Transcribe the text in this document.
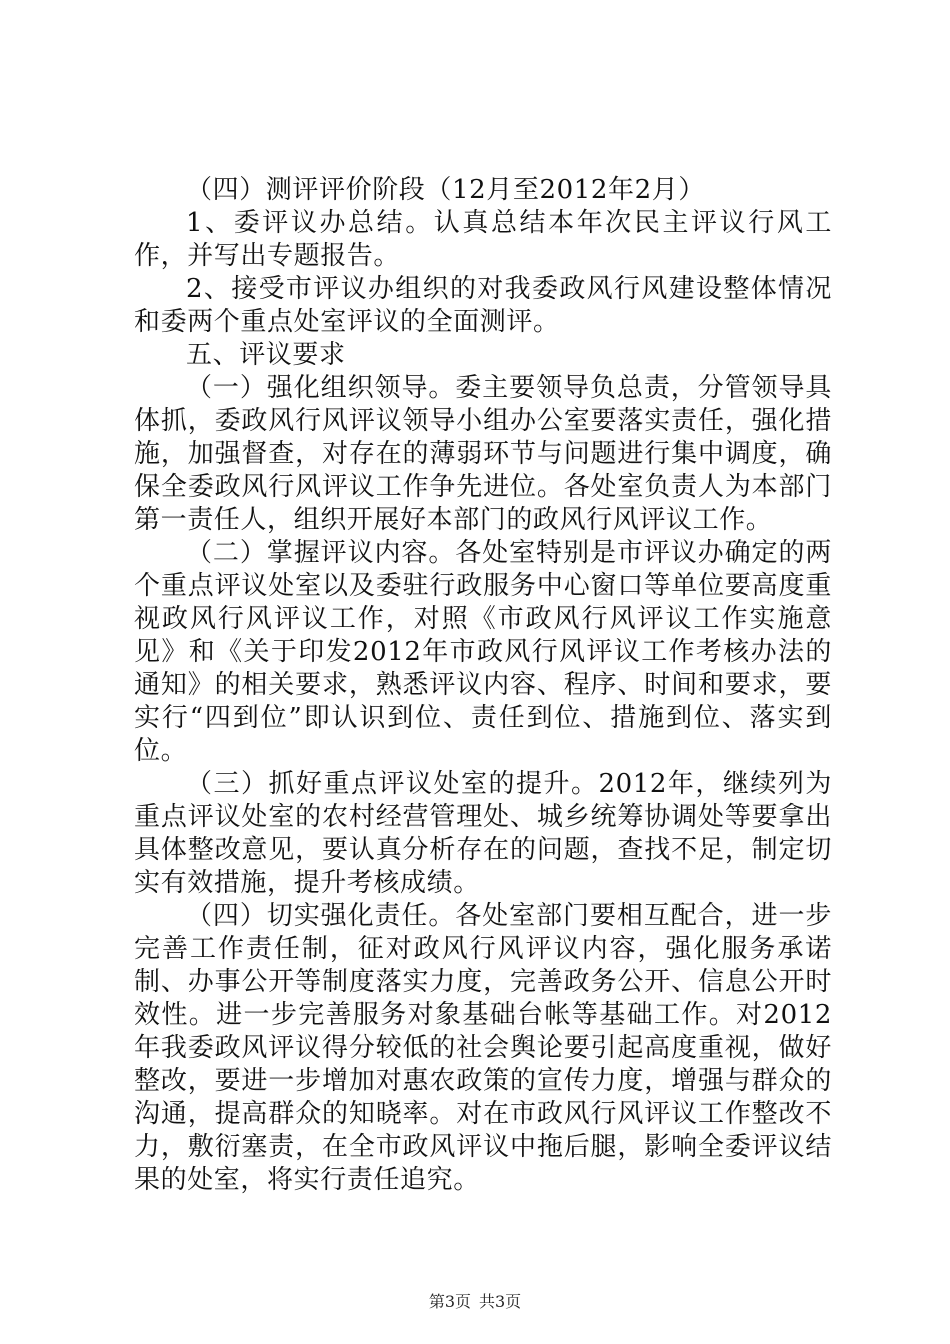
（四）测评评价阶段（12月至2012年2月）

1、委评议办总结。认真总结本年次民主评议行风工作，并写出专题报告。

2、接受市评议办组织的对我委政风行风建设整体情况和委两个重点处室评议的全面测评。

五、评议要求

（一）强化组织领导。委主要领导负总责，分管领导具体抓，委政风行风评议领导小组办公室要落实责任，强化措施，加强督查，对存在的薄弱环节与问题进行集中调度，确保全委政风行风评议工作争先进位。各处室负责人为本部门第一责任人，组织开展好本部门的政风行风评议工作。

（二）掌握评议内容。各处室特别是市评议办确定的两个重点评议处室以及委驻行政服务中心窗口等单位要高度重视政风行风评议工作，对照《市政风行风评议工作实施意见》和《关于印发2012年市政风行风评议工作考核办法的通知》的相关要求，熟悉评议内容、程序、时间和要求，要实行“四到位”即认识到位、责任到位、措施到位、落实到位。

（三）抓好重点评议处室的提升。2012年，继续列为重点评议处室的农村经营管理处、城乡统筹协调处等要拿出具体整改意见，要认真分析存在的问题，查找不足，制定切实有效措施，提升考核成绩。

（四）切实强化责任。各处室部门要相互配合，进一步完善工作责任制，征对政风行风评议内容，强化服务承诺制、办事公开等制度落实力度，完善政务公开、信息公开时效性。进一步完善服务对象基础台帐等基础工作。对2012年我委政风评议得分较低的社会舆论要引起高度重视，做好整改，要进一步增加对惠农政策的宣传力度，增强与群众的沟通，提高群众的知晓率。对在市政风行风评议工作整改不力，敷衍塞责，在全市政风评议中拖后腿，影响全委评议结果的处室，将实行责任追究。

第3页 共3页
